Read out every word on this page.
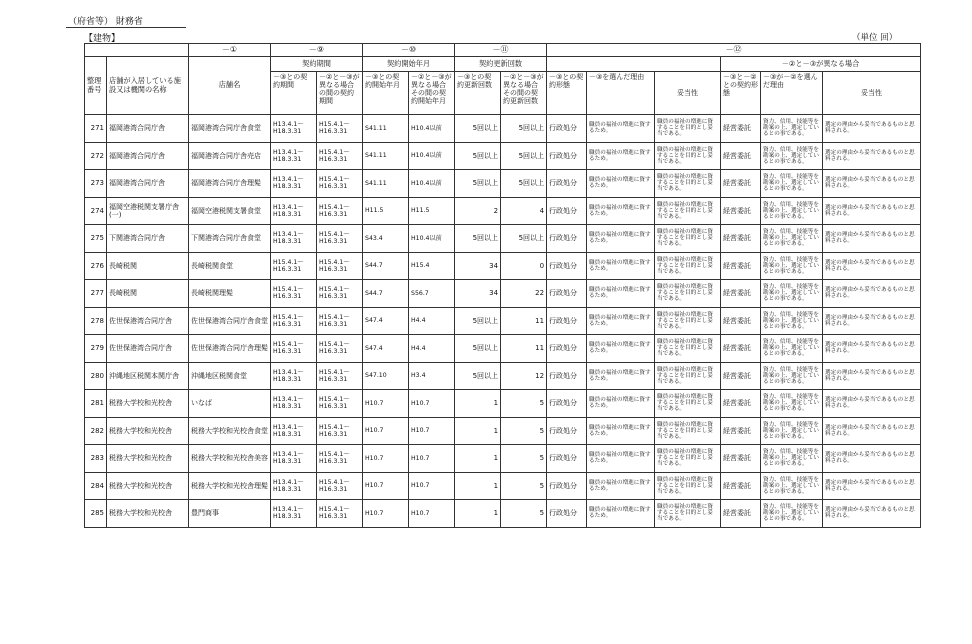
（府省等） 財務省
【建物】	（単位 回）
		－①	－⑨		－⑩		－⑪		－⑫					
整理番号	店舗が入居している施設又は機関の名称	店舗名	契約期間		契約開始年月		契約更新回数					－②と－③が異なる場合		
			－③との契約期間	－②と－③が異なる場合の間の契約期間	－③との契約開始年月	－②と－③が異なる場合その間の契約開始年月	－③との契約更新回数	－②と－③が異なる場合その間の契約更新回数	－③との契約形態	－③を選んだ理由	妥当性	－③と－②との契約形態	－③が－②を選んだ理由	妥当性
271	福岡港湾合同庁舎	福岡港湾合同庁舎食堂	H13.4.1～H18.3.31	H15.4.1～H16.3.31	S41.11	H10.4以前	5回以上	5回以上	行政処分	職員の福祉の増進に資するため。	職員の福祉の増進に資することを目的とし妥当である。	経営委託	資力、信用、技能等を勘案の上、選定しているとの事である。	選定の理由から妥当であるものと思料される。
272	福岡港湾合同庁舎	福岡港湾合同庁舎売店	H13.4.1～H18.3.31	H15.4.1～H16.3.31	S41.11	H10.4以前	5回以上	5回以上	行政処分	職員の福祉の増進に資するため。	職員の福祉の増進に資することを目的とし妥当である。	経営委託	資力、信用、技能等を勘案の上、選定しているとの事である。	選定の理由から妥当であるものと思料される。
273	福岡港湾合同庁舎	福岡港湾合同庁舎理髪	H13.4.1～H18.3.31	H15.4.1～H16.3.31	S41.11	H10.4以前	5回以上	5回以上	行政処分	職員の福祉の増進に資するため。	職員の福祉の増進に資することを目的とし妥当である。	経営委託	資力、信用、技能等を勘案の上、選定しているとの事である。	選定の理由から妥当であるものと思料される。
274	福岡空港税関支署庁舎(一)	福岡空港税関支署食堂	H13.4.1～H18.3.31	H15.4.1～H16.3.31	H11.5	H11.5	2	4	行政処分	職員の福祉の増進に資するため。	職員の福祉の増進に資することを目的とし妥当である。	経営委託	資力、信用、技能等を勘案の上、選定しているとの事である。	選定の理由から妥当であるものと思料される。
275	下関港湾合同庁舎	下関港湾合同庁舎食堂	H13.4.1～H18.3.31	H15.4.1～H16.3.31	S43.4	H10.4以前	5回以上	5回以上	行政処分	職員の福祉の増進に資するため。	職員の福祉の増進に資することを目的とし妥当である。	経営委託	資力、信用、技能等を勘案の上、選定しているとの事である。	選定の理由から妥当であるものと思料される。
276	長崎税関	長崎税関食堂	H15.4.1～H16.3.31	H15.4.1～H16.3.31	S44.7	H15.4	34	0	行政処分	職員の福祉の増進に資するため。	職員の福祉の増進に資することを目的とし妥当である。	経営委託	資力、信用、技能等を勘案の上、選定しているとの事である。	選定の理由から妥当であるものと思料される。
277	長崎税関	長崎税関理髪	H15.4.1～H16.3.31	H15.4.1～H16.3.31	S44.7	S56.7	34	22	行政処分	職員の福祉の増進に資するため。	職員の福祉の増進に資することを目的とし妥当である。	経営委託	資力、信用、技能等を勘案の上、選定しているとの事である。	選定の理由から妥当であるものと思料される。
278	佐世保港湾合同庁舎	佐世保港湾合同庁舎食堂	H15.4.1～H16.3.31	H15.4.1～H16.3.31	S47.4	H4.4	5回以上	11	行政処分	職員の福祉の増進に資するため。	職員の福祉の増進に資することを目的とし妥当である。	経営委託	資力、信用、技能等を勘案の上、選定しているとの事である。	選定の理由から妥当であるものと思料される。
279	佐世保港湾合同庁舎	佐世保港湾合同庁舎理髪	H15.4.1～H16.3.31	H15.4.1～H16.3.31	S47.4	H4.4	5回以上	11	行政処分	職員の福祉の増進に資するため。	職員の福祉の増進に資することを目的とし妥当である。	経営委託	資力、信用、技能等を勘案の上、選定しているとの事である。	選定の理由から妥当であるものと思料される。
280	沖縄地区税関本関庁舎	沖縄地区税関食堂	H13.4.1～H18.3.31	H15.4.1～H16.3.31	S47.10	H3.4	5回以上	12	行政処分	職員の福祉の増進に資するため。	職員の福祉の増進に資することを目的とし妥当である。	経営委託	資力、信用、技能等を勘案の上、選定しているとの事である。	選定の理由から妥当であるものと思料される。
281	税務大学校和光校舎	いなば	H13.4.1～H18.3.31	H15.4.1～H16.3.31	H10.7	H10.7	1	5	行政処分	職員の福祉の増進に資するため。	職員の福祉の増進に資することを目的とし妥当である。	経営委託	資力、信用、技能等を勘案の上、選定しているとの事である。	選定の理由から妥当であるものと思料される。
282	税務大学校和光校舎	税務大学校和光校舎食堂	H13.4.1～H18.3.31	H15.4.1～H16.3.31	H10.7	H10.7	1	5	行政処分	職員の福祉の増進に資するため。	職員の福祉の増進に資することを目的とし妥当である。	経営委託	資力、信用、技能等を勘案の上、選定しているとの事である。	選定の理由から妥当であるものと思料される。
283	税務大学校和光校舎	税務大学校和光校舎美容	H13.4.1～H18.3.31	H15.4.1～H16.3.31	H10.7	H10.7	1	5	行政処分	職員の福祉の増進に資するため。	職員の福祉の増進に資することを目的とし妥当である。	経営委託	資力、信用、技能等を勘案の上、選定しているとの事である。	選定の理由から妥当であるものと思料される。
284	税務大学校和光校舎	税務大学校和光校舎理髪	H13.4.1～H18.3.31	H15.4.1～H16.3.31	H10.7	H10.7	1	5	行政処分	職員の福祉の増進に資するため。	職員の福祉の増進に資することを目的とし妥当である。	経営委託	資力、信用、技能等を勘案の上、選定しているとの事である。	選定の理由から妥当であるものと思料される。
285	税務大学校和光校舎	豊門商事	H13.4.1～H18.3.31	H15.4.1～H16.3.31	H10.7	H10.7	1	5	行政処分	職員の福祉の増進に資するため。	職員の福祉の増進に資することを目的とし妥当である。	経営委託	資力、信用、技能等を勘案の上、選定しているとの事である。	選定の理由から妥当であるものと思料される。
